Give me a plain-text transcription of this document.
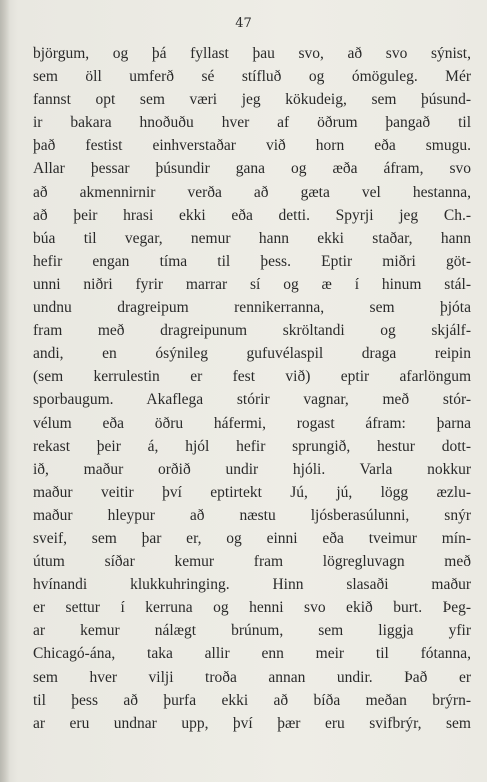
47
björgum, og þá fyllast þau svo, að svo sýnist,
sem öll umferð sé stífluð og ómöguleg. Mér
fannst opt sem væri jeg kökudeig, sem þúsund-
ir bakara hnoðuðu hver af öðrum þangað til
það festist einhverstaðar við horn eða smugu.
Allar þessar þúsundir gana og æða áfram, svo
að akmennirnir verða að gæta vel hestanna,
að þeir hrasi ekki eða detti. Spyrji jeg Ch.-
búa til vegar, nemur hann ekki staðar, hann
hefir engan tíma til þess. Eptir miðri göt-
unni niðri fyrir marrar sí og æ í hinum stál-
undnu dragreipum rennikerranna, sem þjóta
fram með dragreipunum skröltandi og skjálf-
andi, en ósýnileg gufuvélaspil draga reipin
(sem kerrulestin er fest við) eptir afarlöngum
sporbaugum. Akaflega stórir vagnar, með stór-
vélum eða öðru háfermi, rogast áfram: þarna
rekast þeir á, hjól hefir sprungið, hestur dott-
ið, maður orðið undir hjóli. Varla nokkur
maður veitir því eptirtekt Jú, jú, lögg æzlu-
maður hleypur að næstu ljósberasúlunni, snýr
sveif, sem þar er, og einni eða tveimur mín-
útum síðar kemur fram lögregluvagn með
hvínandi klukkuhringing. Hinn slasaði maður
er settur í kerruna og henni svo ekið burt. Þeg-
ar kemur nálægt brúnum, sem liggja yfir
Chicagó-ána, taka allir enn meir til fótanna,
sem hver vilji troða annan undir. Það er
til þess að þurfa ekki að bíða meðan brýrn-
ar eru undnar upp, því þær eru svifbrýr, sem
